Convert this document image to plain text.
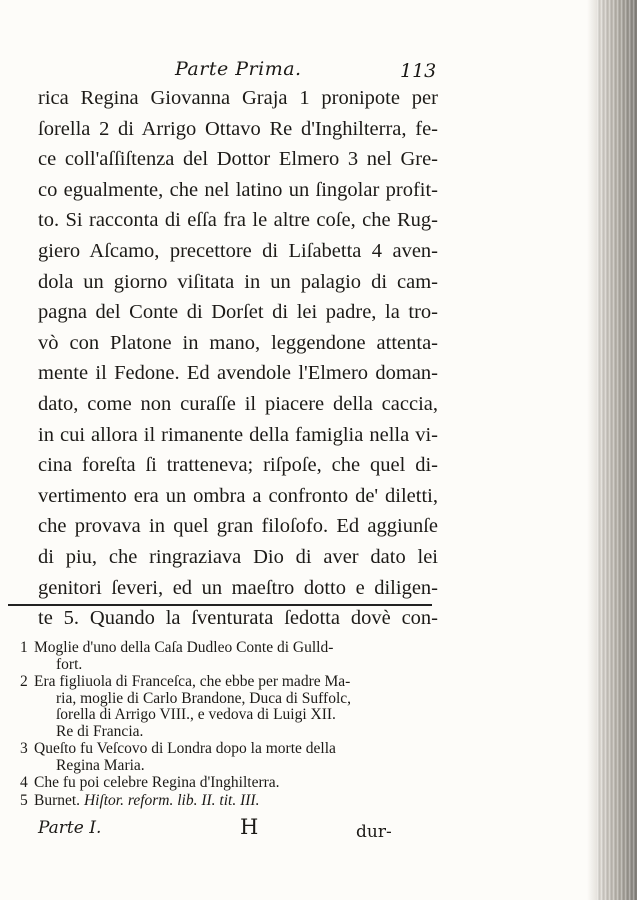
Parte Prima.	113
rica Regina Giovanna Graja 1 pronipote per
ſorella 2 di Arrigo Ottavo Re d'Inghilterra, fe-
ce coll'aſſiſtenza del Dottor Elmero 3 nel Gre-
co egualmente, che nel latino un ſingolar profit-
to. Si racconta di eſſa fra le altre coſe, che Rug-
giero Aſcamo, precettore di Liſabetta 4 aven-
dola un giorno viſitata in un palagio di cam-
pagna del Conte di Dorſet di lei padre, la tro-
vò con Platone in mano, leggendone attenta-
mente il Fedone. Ed avendole l'Elmero doman-
dato, come non curaſſe il piacere della caccia,
in cui allora il rimanente della famiglia nella vi-
cina foreſta ſi tratteneva; riſpoſe, che quel di-
vertimento era un ombra a confronto de' diletti,
che provava in quel gran filoſofo. Ed aggiunſe
di piu, che ringraziava Dio di aver dato lei
genitori ſeveri, ed un maeſtro dotto e diligen-
te 5. Quando la ſventurata ſedotta dovè con-
1 Moglie d'uno della Caſa Dudleo Conte di Gulld-
fort.
2 Era figliuola di Franceſca, che ebbe per madre Ma-
ria, moglie di Carlo Brandone, Duca di Suffolc,
ſorella di Arrigo VIII., e vedova di Luigi XII.
Re di Francia.
3 Queſto fu Veſcovo di Londra dopo la morte della
Regina Maria.
4 Che fu poi celebre Regina d'Inghilterra.
5 Burnet. Hiſtor. reform. lib. II. tit. III.
Parte I.	H	dur-
